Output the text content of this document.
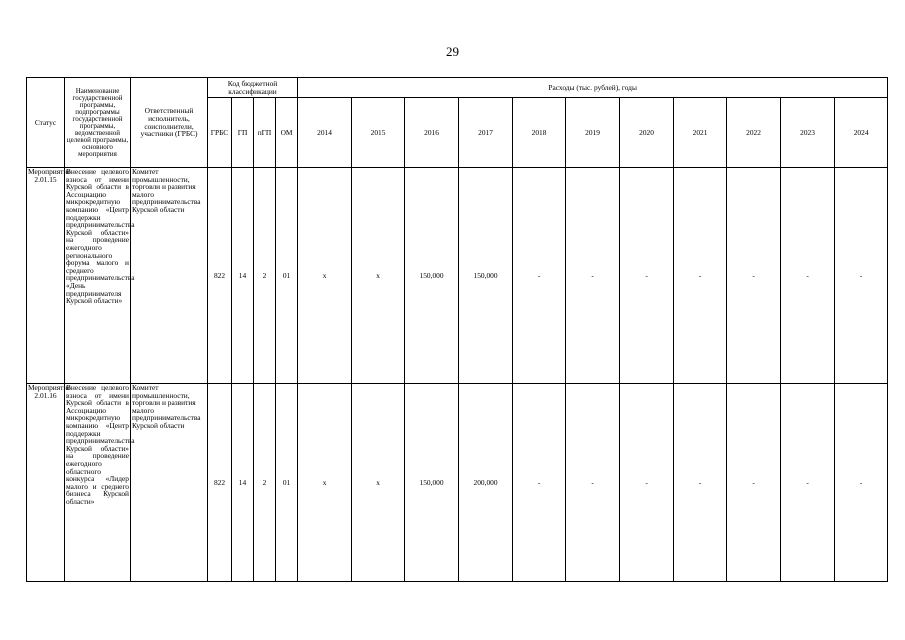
29
Статус	Наименование государственной программы, подпрограммы государственной программы, ведомственной целевой программы, основного мероприятия	Ответственный исполнитель, соисполнители, участники (ГРБС)	Код бюджетной классификации				Расходы (тыс. рублей), годы										
			ГРБС	ГП	пГП	ОМ	2014	2015	2016	2017	2018	2019	2020	2021	2022	2023	2024
Мероприятие 2.01.15	Внесение целевого взноса от имени Курской области в Ассоциацию микрокредитную компанию «Центр поддержки предпринимательства Курской области» на проведение ежегодного регионального форума малого и среднего предпринимательства «День предпринимателя Курской области»	Комитет промышленности, торговли и развития малого предпринимательства Курской области	822	14	2	01	x	x	150,000	150,000	-	-	-	-	-	-	-
Мероприятие 2.01.16	Внесение целевого взноса от имени Курской области в Ассоциацию микрокредитную компанию «Центр поддержки предпринимательства Курской области» на проведение ежегодного областного конкурса «Лидер малого и среднего бизнеса Курской области»	Комитет промышленности, торговли и развития малого предпринимательства Курской области	822	14	2	01	x	x	150,000	200,000	-	-	-	-	-	-	-
